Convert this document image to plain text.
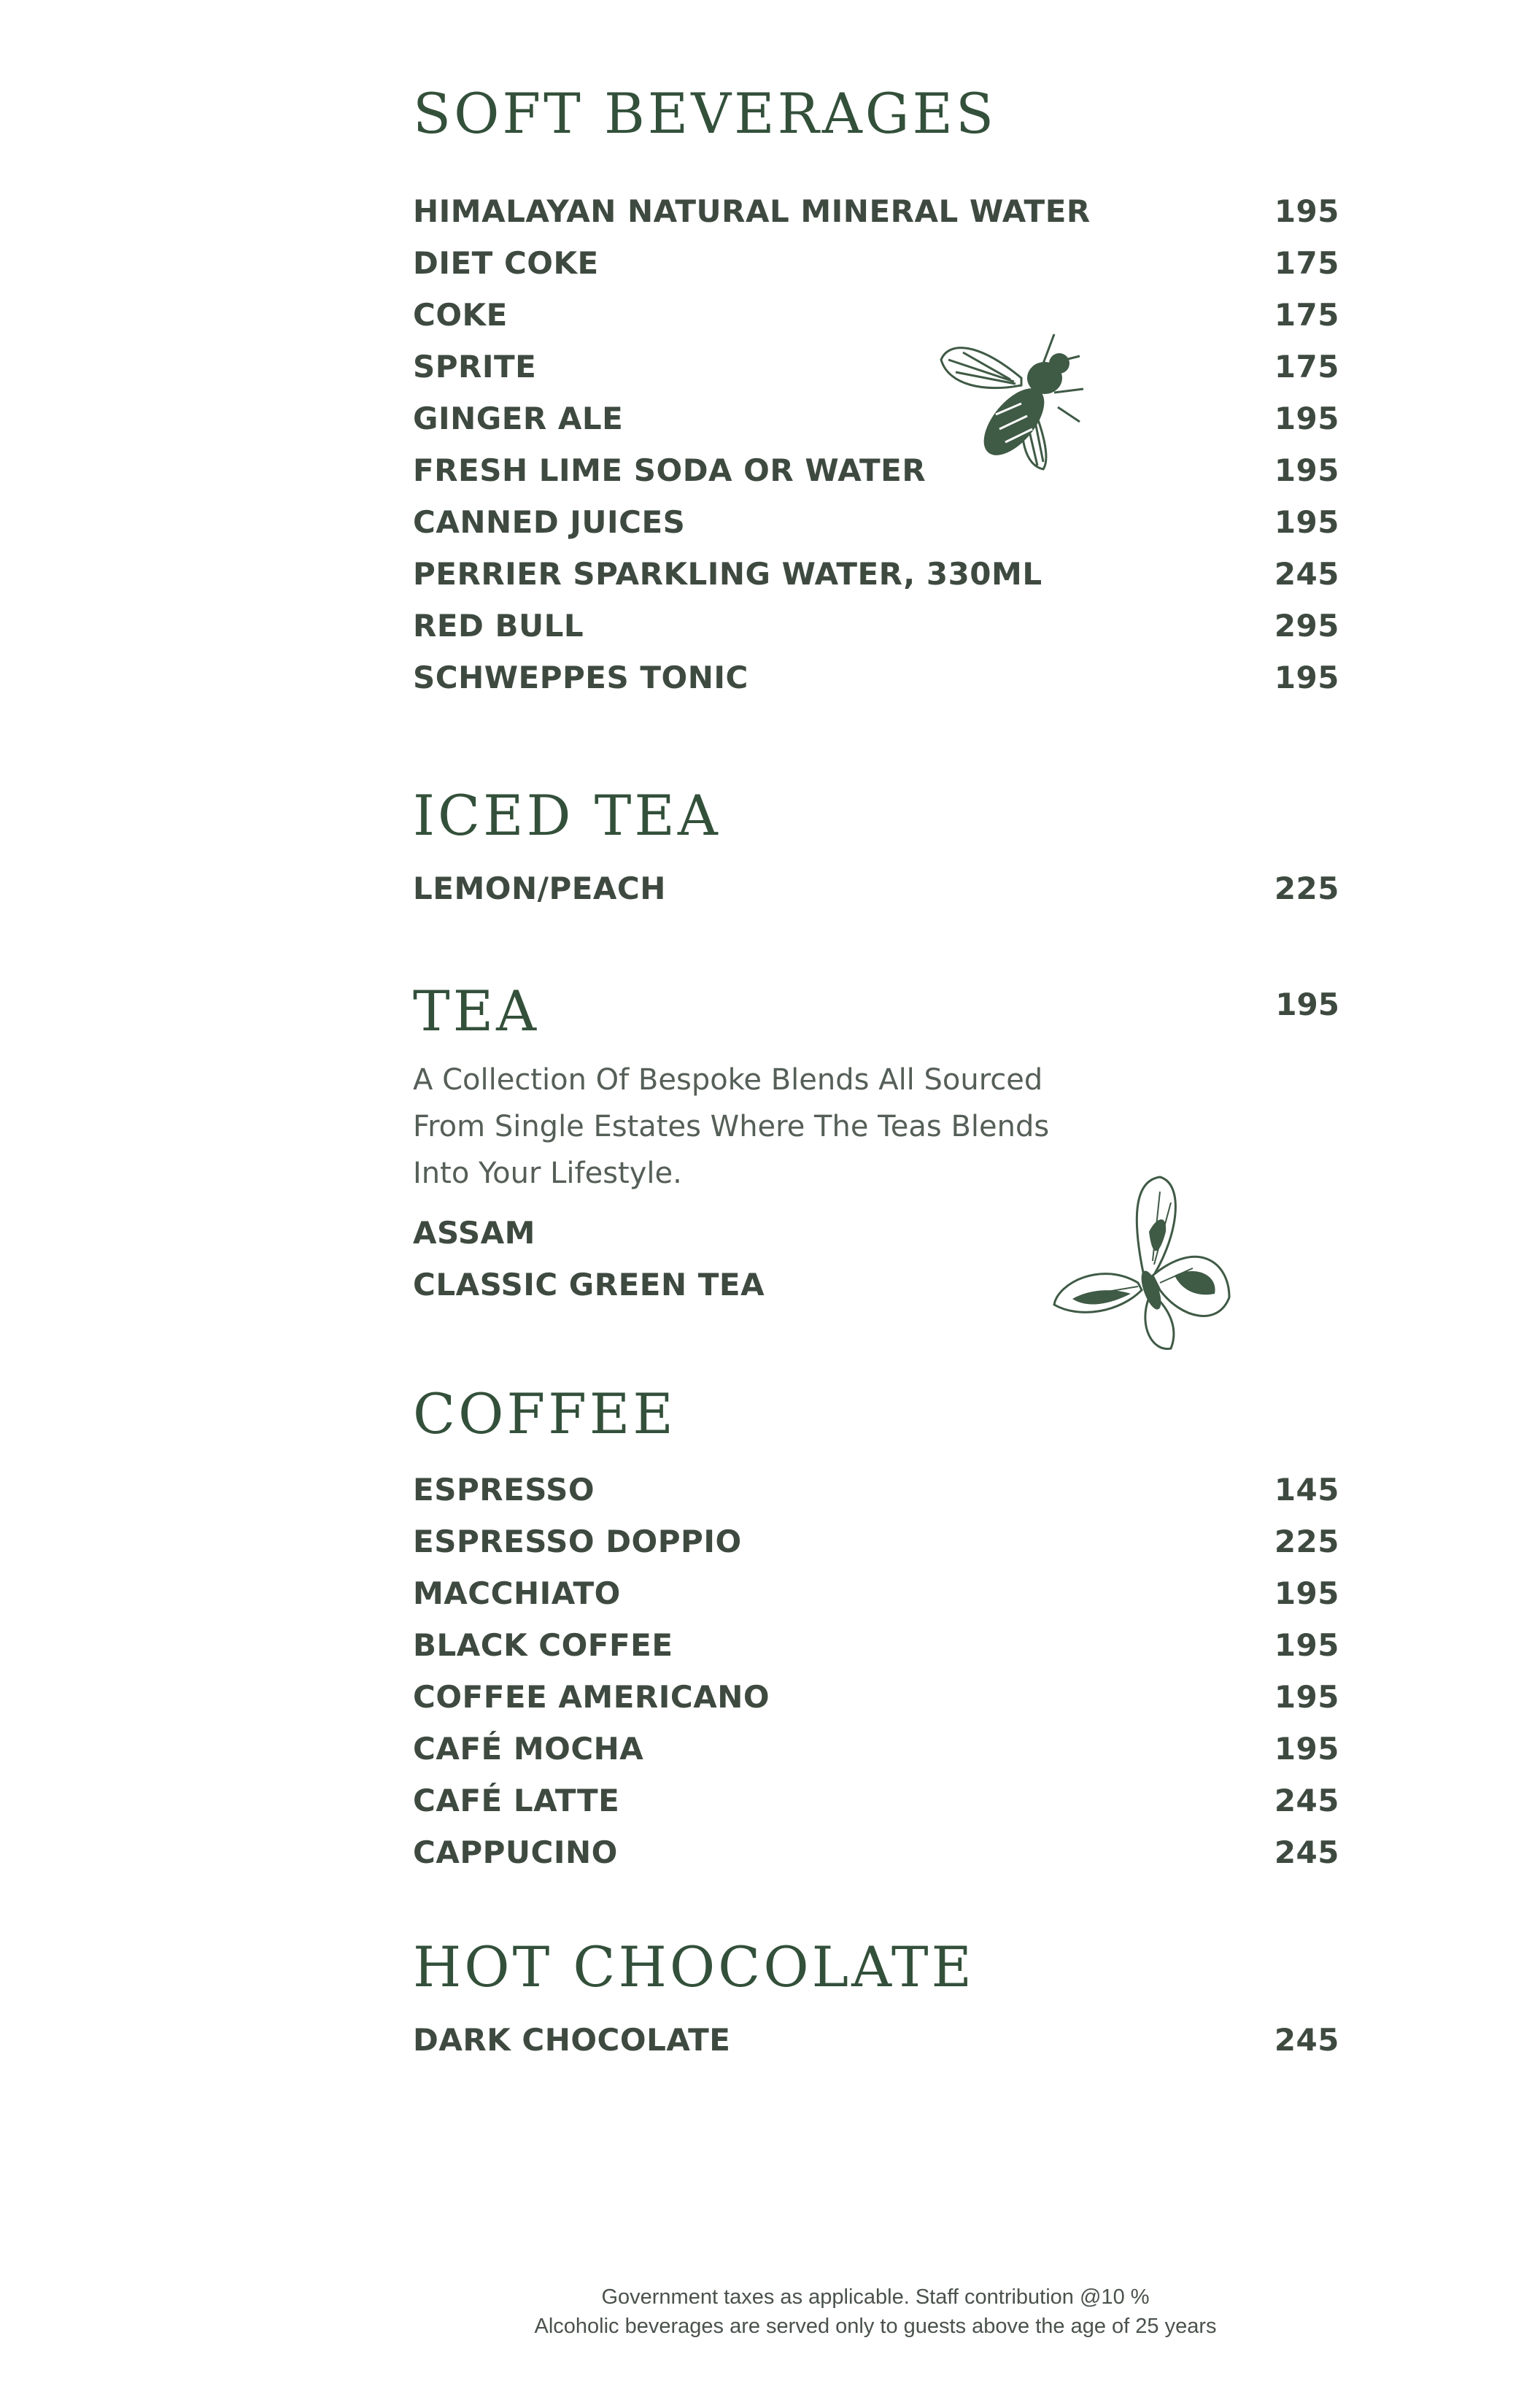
SOFT BEVERAGES
HIMALAYAN NATURAL MINERAL WATER	195
DIET COKE	175
COKE	175
SPRITE	175
GINGER ALE	195
FRESH LIME SODA OR WATER	195
CANNED JUICES	195
PERRIER SPARKLING WATER, 330ML	245
RED BULL	295
SCHWEPPES TONIC	195
ICED TEA
LEMON/PEACH	225
TEA	195
A Collection Of Bespoke Blends All Sourced From Single Estates Where The Teas Blends Into Your Lifestyle.
ASSAM
CLASSIC GREEN TEA
COFFEE
ESPRESSO	145
ESPRESSO DOPPIO	225
MACCHIATO	195
BLACK COFFEE	195
COFFEE AMERICANO	195
CAFÉ MOCHA	195
CAFÉ LATTE	245
CAPPUCINO	245
HOT CHOCOLATE
DARK CHOCOLATE	245
Government taxes as applicable. Staff contribution @10 %
Alcoholic beverages are served only to guests above the age of 25 years
